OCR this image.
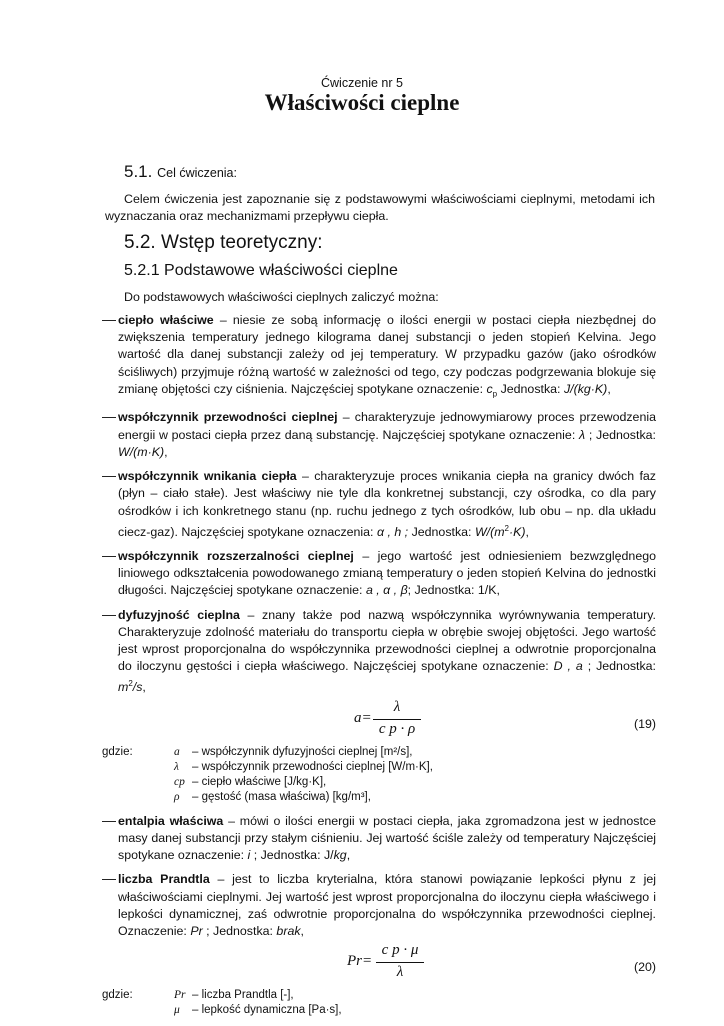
Ćwiczenie nr 5
Właściwości cieplne
5.1. Cel ćwiczenia:
Celem ćwiczenia jest zapoznanie się z podstawowymi właściwościami cieplnymi, metodami ich wyznaczania oraz mechanizmami przepływu ciepła.
5.2. Wstęp teoretyczny:
5.2.1 Podstawowe właściwości cieplne
Do podstawowych właściwości cieplnych zaliczyć można:
— ciepło właściwe – niesie ze sobą informację o ilości energii w postaci ciepła niezbędnej do zwiększenia temperatury jednego kilograma danej substancji o jeden stopień Kelvina. Jego wartość dla danej substancji zależy od jej temperatury. W przypadku gazów (jako ośrodków ściśliwych) przyjmuje różną wartość w zależności od tego, czy podczas podgrzewania blokuje się zmianę objętości czy ciśnienia. Najczęściej spotykane oznaczenie: $c_p$ Jednostka: J/(kg·K),
— współczynnik przewodności cieplnej – charakteryzuje jednowymiarowy proces przewodzenia energii w postaci ciepła przez daną substancję. Najczęściej spotykane oznaczenie: λ ; Jednostka: W/(m·K),
— współczynnik wnikania ciepła – charakteryzuje proces wnikania ciepła na granicy dwóch faz (płyn – ciało stałe). Jest właściwy nie tyle dla konkretnej substancji, czy ośrodka, co dla pary ośrodków i ich konkretnego stanu (np. ruchu jednego z tych ośrodków, lub obu – np. dla układu ciecz-gaz). Najczęściej spotykane oznaczenia: α , h ; Jednostka: $W/(m^2\cdot K)$,
— współczynnik rozszerzalności cieplnej – jego wartość jest odniesieniem bezwzględnego liniowego odkształcenia powodowanego zmianą temperatury o jeden stopień Kelvina do jednostki długości. Najczęściej spotykane oznaczenie: a , α , β; Jednostka: 1/K,
— dyfuzyjność cieplna – znany także pod nazwą współczynnika wyrównywania temperatury. Charakteryzuje zdolność materiału do transportu ciepła w obrębie swojej objętości. Jego wartość jest wprost proporcjonalna do współczynnika przewodności cieplnej a odwrotnie proporcjonalna do iloczynu gęstości i ciepła właściwego. Najczęściej spotykane oznaczenie: D , a ; Jednostka: $m^2/s$,
a=
λ
c p · ρ	(19)
gdzie:	a – współczynnik dyfuzyjności cieplnej [m²/s],
λ – współczynnik przewodności cieplnej [W/m·K],
cp – ciepło właściwe [J/kg·K],
ρ – gęstość (masa właściwa) [kg/m³],
— entalpia właściwa – mówi o ilości energii w postaci ciepła, jaka zgromadzona jest w jednostce masy danej substancji przy stałym ciśnieniu. Jej wartość ściśle zależy od temperatury Najczęściej spotykane oznaczenie: i ; Jednostka: J/kg,
— liczba Prandtla – jest to liczba kryterialna, która stanowi powiązanie lepkości płynu z jej właściwościami cieplnymi. Jej wartość jest wprost proporcjonalna do iloczynu ciepła właściwego i lepkości dynamicznej, zaś odwrotnie proporcjonalna do współczynnika przewodności cieplnej. Oznaczenie: Pr ; Jednostka: brak,
Pr=
c p · μ
λ	(20)
gdzie:	Pr – liczba Prandtla [-],
μ – lepkość dynamiczna [Pa·s],
